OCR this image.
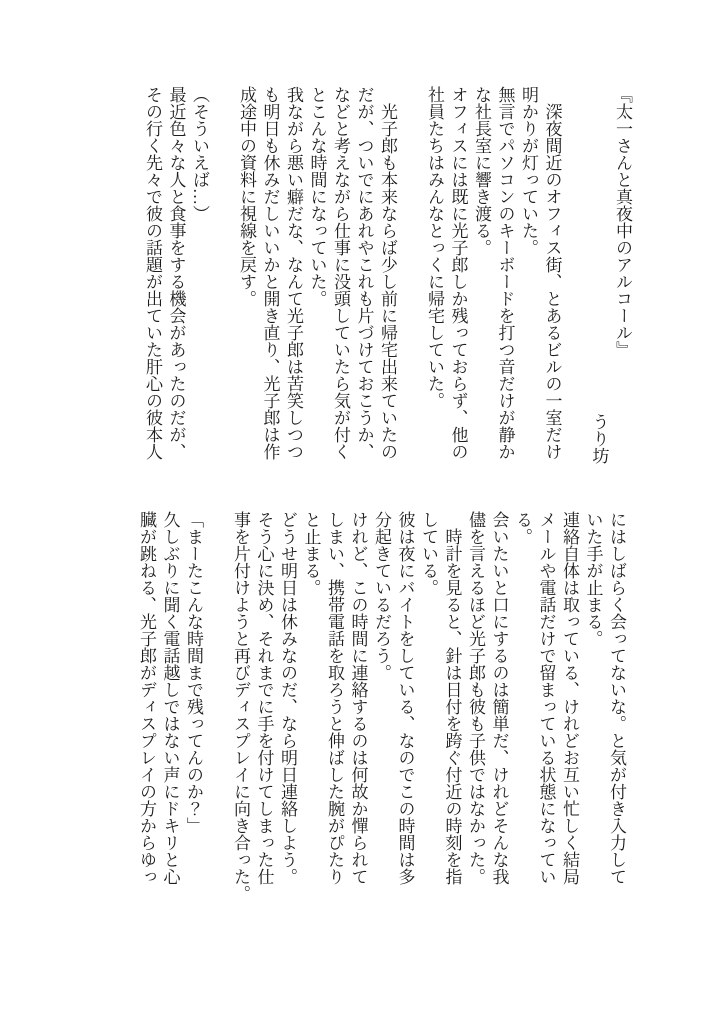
『太一さんと真夜中のアルコール』

うり坊

　深夜間近のオフィス街、とあるビルの一室だけ

明かりが灯っていた。

無言でパソコンのキーボードを打つ音だけが静か

な社長室に響き渡る。

オフィスには既に光子郎しか残っておらず、他の

社員たちはみんなとっくに帰宅していた。

　光子郎も本来ならば少し前に帰宅出来ていたの

だが、ついでにあれやこれも片づけておこうか、

などと考えながら仕事に没頭していたら気が付く

とこんな時間になっていた。

我ながら悪い癖だな、なんて光子郎は苦笑しつつ

も明日も休みだしいいかと開き直り、光子郎は作

成途中の資料に視線を戻す。

（そういえば…）

最近色々な人と食事をする機会があったのだが、

その行く先々で彼の話題が出ていた肝心の彼本人

にはしばらく会ってないな。と気が付き入力して

いた手が止まる。

連絡自体は取っている、けれどお互い忙しく結局

メールや電話だけで留まっている状態になってい

る。

会いたいと口にするのは簡単だ、けれどそんな我

儘を言えるほど光子郎も彼も子供ではなかった。

　時計を見ると、針は日付を跨ぐ付近の時刻を指

している。

彼は夜にバイトをしている、なのでこの時間は多

分起きているだろう。

けれど、この時間に連絡するのは何故か憚られて

しまい、携帯電話を取ろうと伸ばした腕がぴたり

と止まる。

どうせ明日は休みなのだ、なら明日連絡しよう。

そう心に決め、それまでに手を付けてしまった仕

事を片付けようと再びディスプレイに向き合った。

「まーたこんな時間まで残ってんのか？」

久しぶりに聞く電話越しではない声にドキリと心

臓が跳ねる、光子郎がディスプレイの方からゆっ
